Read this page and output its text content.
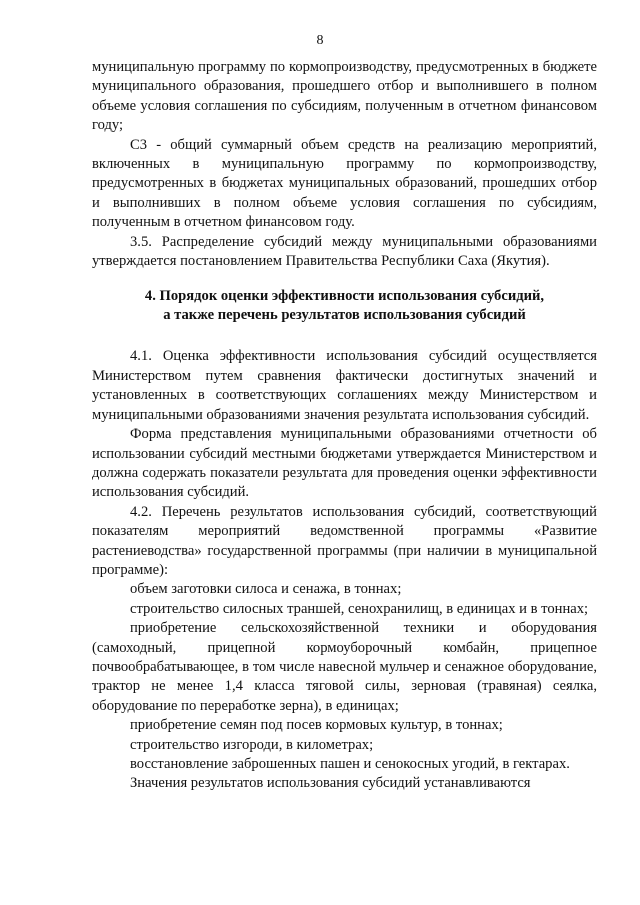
8

муниципальную программу по кормопроизводству, предусмотренных в бюджете муниципального образования, прошедшего отбор и выполнившего в полном объеме условия соглашения по субсидиям, полученным в отчетном финансовом году;

С3 - общий суммарный объем средств на реализацию мероприятий, включенных в муниципальную программу по кормопроизводству, предусмотренных в бюджетах муниципальных образований, прошедших отбор и выполнивших в полном объеме условия соглашения по субсидиям, полученным в отчетном финансовом году.

3.5. Распределение субсидий между муниципальными образованиями утверждается постановлением Правительства Республики Саха (Якутия).

4. Порядок оценки эффективности использования субсидий,
а также перечень результатов использования субсидий

4.1. Оценка эффективности использования субсидий осуществляется Министерством путем сравнения фактически достигнутых значений и установленных в соответствующих соглашениях между Министерством и муниципальными образованиями значения результата использования субсидий.

Форма представления муниципальными образованиями отчетности об использовании субсидий местными бюджетами утверждается Министерством и должна содержать показатели результата для проведения оценки эффективности использования субсидий.

4.2. Перечень результатов использования субсидий, соответствующий показателям мероприятий ведомственной программы «Развитие растениеводства» государственной программы (при наличии в муниципальной программе):

объем заготовки силоса и сенажа, в тоннах;

строительство силосных траншей, сенохранилищ, в единицах и в тоннах;

приобретение сельскохозяйственной техники и оборудования (самоходный, прицепной кормоуборочный комбайн, прицепное почвообрабатывающее, в том числе навесной мульчер и сенажное оборудование, трактор не менее 1,4 класса тяговой силы, зерновая (травяная) сеялка, оборудование по переработке зерна), в единицах;

приобретение семян под посев кормовых культур, в тоннах;

строительство изгороди, в километрах;

восстановление заброшенных пашен и сенокосных угодий, в гектарах.

Значения результатов использования субсидий устанавливаются
